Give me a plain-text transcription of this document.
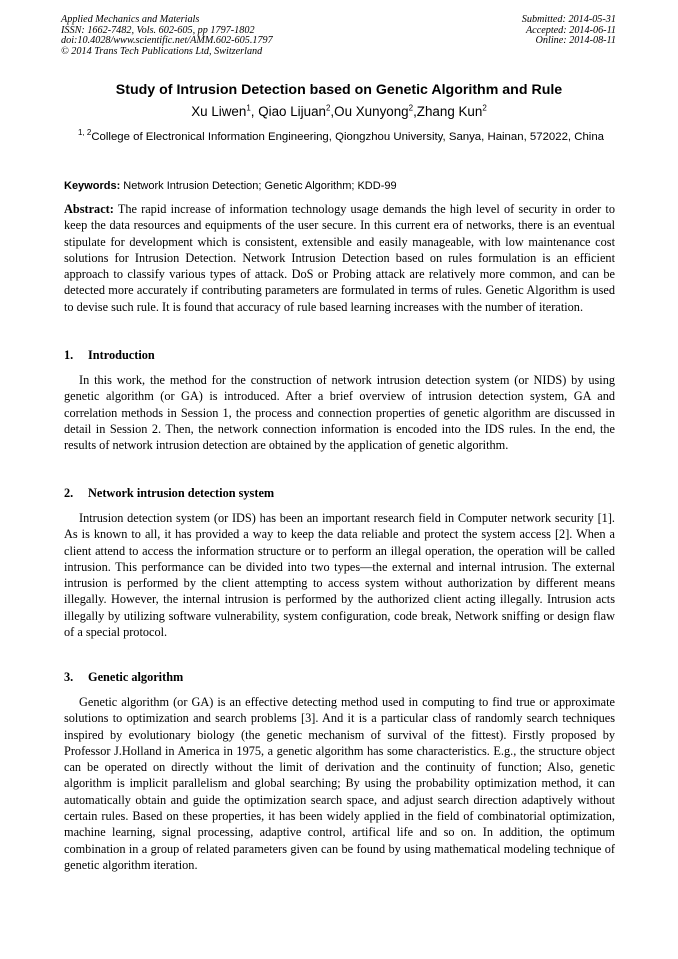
Applied Mechanics and Materials
ISSN: 1662-7482, Vols. 602-605, pp 1797-1802
doi:10.4028/www.scientific.net/AMM.602-605.1797
© 2014 Trans Tech Publications Ltd, Switzerland
Submitted: 2014-05-31
Accepted: 2014-06-11
Online: 2014-08-11
Study of Intrusion Detection based on Genetic Algorithm and Rule
Xu Liwen$^1$, Qiao Lijuan$^2$,Ou Xunyong$^2$,Zhang Kun$^2$
$^{1, 2}$College of Electronical Information Engineering, Qiongzhou University, Sanya, Hainan, 572022, China
Keywords: Network Intrusion Detection; Genetic Algorithm; KDD-99
Abstract: The rapid increase of information technology usage demands the high level of security in order to keep the data resources and equipments of the user secure. In this current era of networks, there is an eventual stipulate for development which is consistent, extensible and easily manageable, with low maintenance cost solutions for Intrusion Detection. Network Intrusion Detection based on rules formulation is an efficient approach to classify various types of attack. DoS or Probing attack are relatively more common, and can be detected more accurately if contributing parameters are formulated in terms of rules. Genetic Algorithm is used to devise such rule. It is found that accuracy of rule based learning increases with the number of iteration.
1. Introduction
In this work, the method for the construction of network intrusion detection system (or NIDS) by using genetic algorithm (or GA) is introduced. After a brief overview of intrusion detection system, GA and correlation methods in Session 1, the process and connection properties of genetic algorithm are discussed in detail in Session 2. Then, the network connection information is encoded into the IDS rules. In the end, the results of network intrusion detection are obtained by the application of genetic algorithm.
2. Network intrusion detection system
Intrusion detection system (or IDS) has been an important research field in Computer network security [1]. As is known to all, it has provided a way to keep the data reliable and protect the system access [2]. When a client attend to access the information structure or to perform an illegal operation, the operation will be called intrusion. This performance can be divided into two types—the external and internal intrusion. The external intrusion is performed by the client attempting to access system without authorization by different means illegally. However, the internal intrusion is performed by the authorized client acting illegally. Intrusion acts illegally by utilizing software vulnerability, system configuration, code break, Network sniffing or design flaw of a special protocol.
3. Genetic algorithm
Genetic algorithm (or GA) is an effective detecting method used in computing to find true or approximate solutions to optimization and search problems [3]. And it is a particular class of randomly search techniques inspired by evolutionary biology (the genetic mechanism of survival of the fittest). Firstly proposed by Professor J.Holland in America in 1975, a genetic algorithm has some characteristics. E.g., the structure object can be operated on directly without the limit of derivation and the continuity of function; Also, genetic algorithm is implicit parallelism and global searching; By using the probability optimization method, it can automatically obtain and guide the optimization search space, and adjust search direction adaptively without certain rules. Based on these properties, it has been widely applied in the field of combinatorial optimization, machine learning, signal processing, adaptive control, artifical life and so on. In addition, the optimum combination in a group of related parameters given can be found by using mathematical modeling technique of genetic algorithm iteration.
